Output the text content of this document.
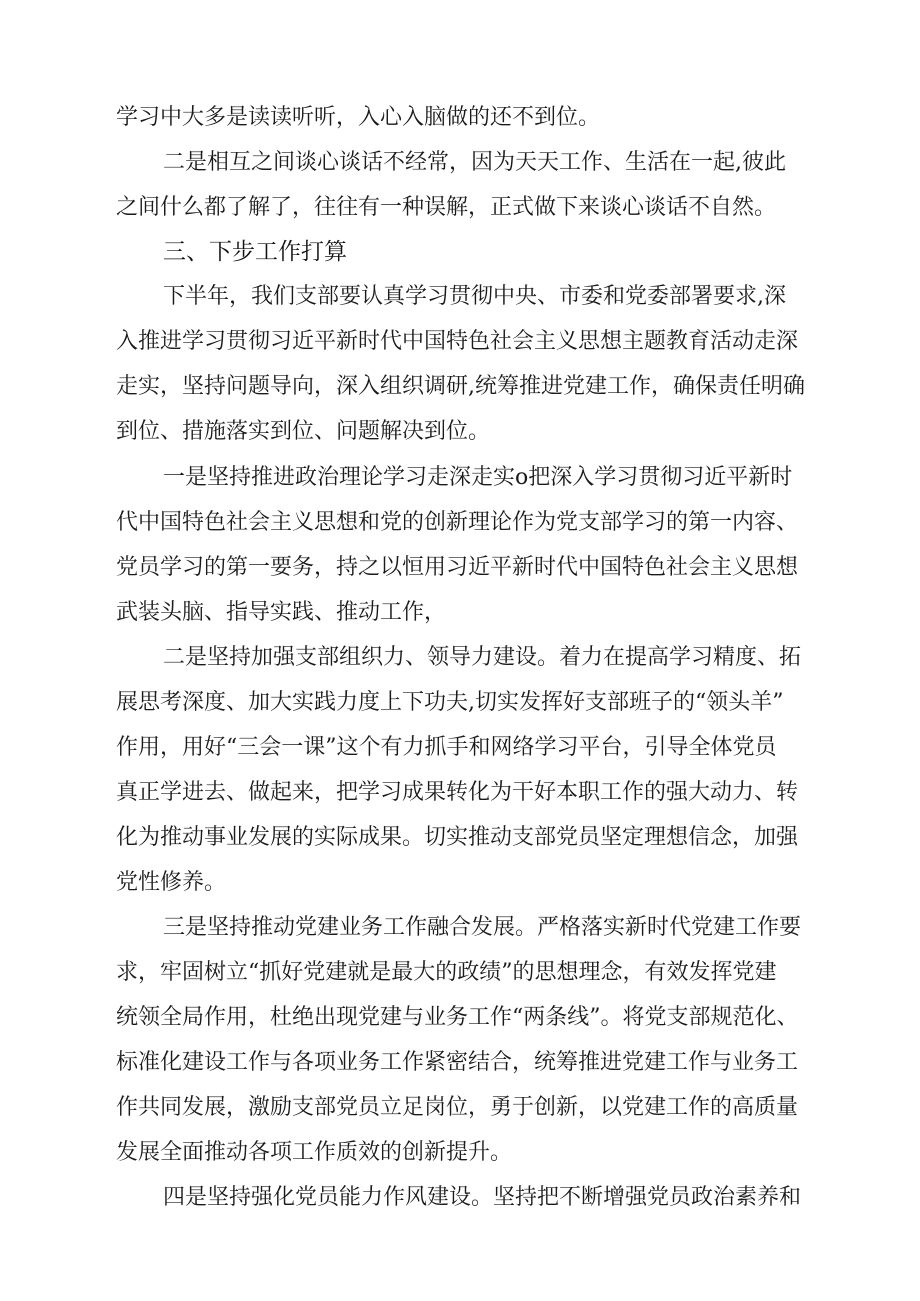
学习中大多是读读听听，入心入脑做的还不到位。
二是相互之间谈心谈话不经常，因为天天工作、生活在一起,彼此
之间什么都了解了，往往有一种误解，正式做下来谈心谈话不自然。
三、下步工作打算
下半年，我们支部要认真学习贯彻中央、市委和党委部署要求,深
入推进学习贯彻习近平新时代中国特色社会主义思想主题教育活动走深
走实，坚持问题导向，深入组织调研,统筹推进党建工作，确保责任明确
到位、措施落实到位、问题解决到位。
一是坚持推进政治理论学习走深走实o把深入学习贯彻习近平新时
代中国特色社会主义思想和党的创新理论作为党支部学习的第一内容、
党员学习的第一要务，持之以恒用习近平新时代中国特色社会主义思想
武装头脑、指导实践、推动工作，
二是坚持加强支部组织力、领导力建设。着力在提高学习精度、拓
展思考深度、加大实践力度上下功夫,切实发挥好支部班子的“领头羊”
作用，用好“三会一课”这个有力抓手和网络学习平台，引导全体党员
真正学进去、做起来，把学习成果转化为干好本职工作的强大动力、转
化为推动事业发展的实际成果。切实推动支部党员坚定理想信念，加强
党性修养。
三是坚持推动党建业务工作融合发展。严格落实新时代党建工作要
求，牢固树立“抓好党建就是最大的政绩”的思想理念，有效发挥党建
统领全局作用，杜绝出现党建与业务工作“两条线”。将党支部规范化、
标准化建设工作与各项业务工作紧密结合，统筹推进党建工作与业务工
作共同发展，激励支部党员立足岗位，勇于创新，以党建工作的高质量
发展全面推动各项工作质效的创新提升。
四是坚持强化党员能力作风建设。坚持把不断增强党员政治素养和
